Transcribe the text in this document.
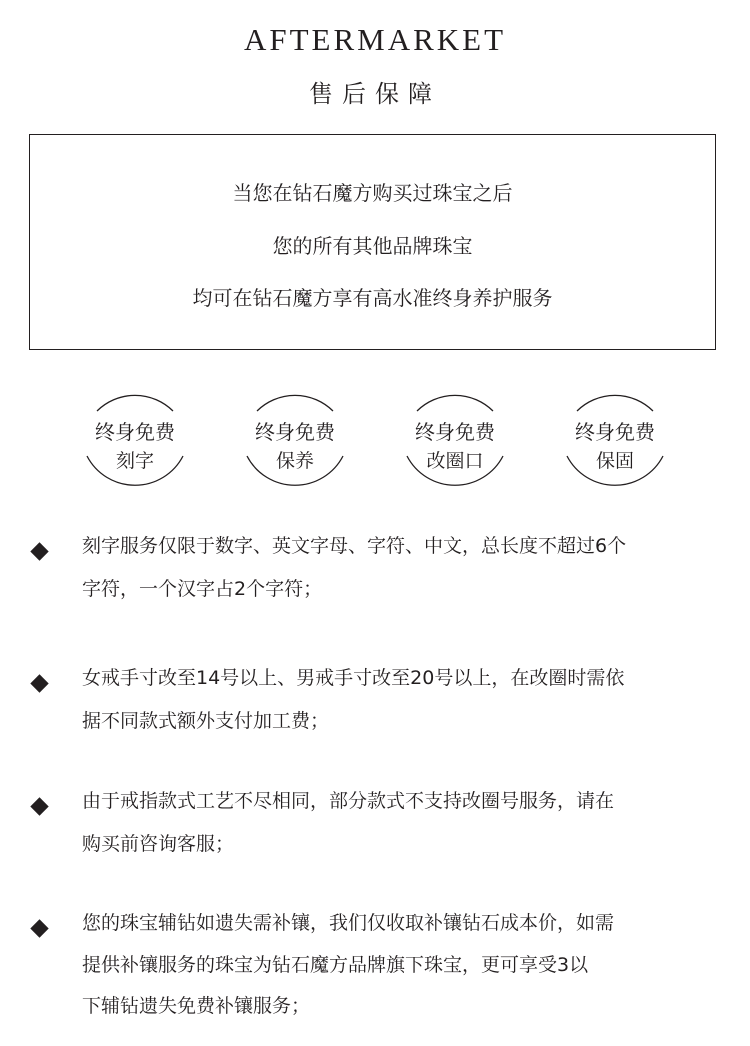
AFTERMARKET
售后保障
当您在钻石魔方购买过珠宝之后
您的所有其他品牌珠宝
均可在钻石魔方享有高水准终身养护服务
终身免费
刻字
终身免费
保养
终身免费
改圈口
终身免费
保固
刻字服务仅限于数字、英文字母、字符、中文，总长度不超过6个
字符，一个汉字占2个字符；
女戒手寸改至14号以上、男戒手寸改至20号以上，在改圈时需依
据不同款式额外支付加工费；
由于戒指款式工艺不尽相同，部分款式不支持改圈号服务，请在
购买前咨询客服；
您的珠宝辅钻如遗失需补镶，我们仅收取补镶钻石成本价，如需
提供补镶服务的珠宝为钻石魔方品牌旗下珠宝，更可享受3以
下辅钻遗失免费补镶服务；
